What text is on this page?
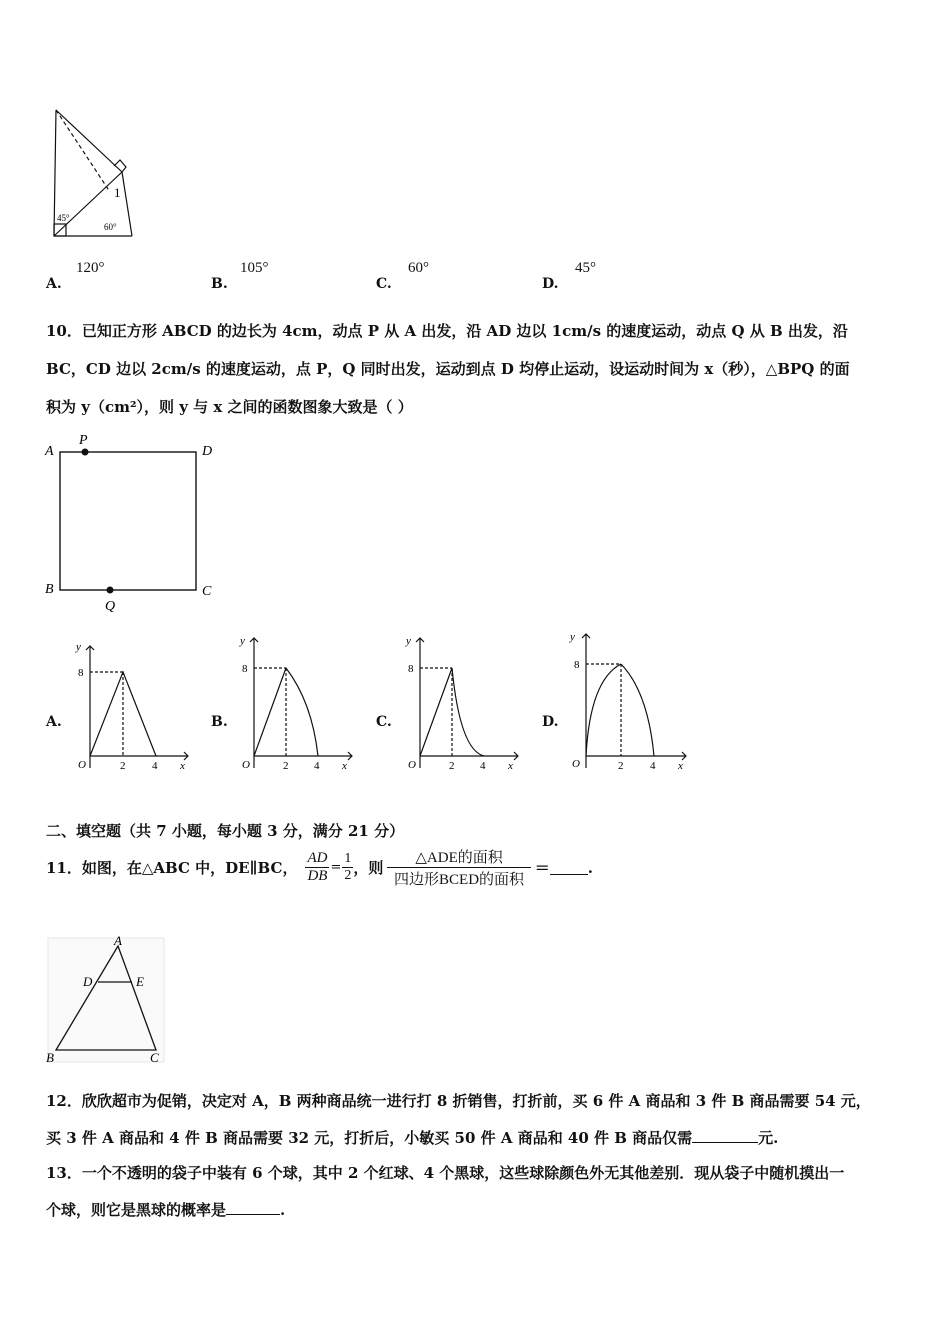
1
45°
60°
A.
120°
B.
105°
C.
60°
D.
45°
10．已知正方形 ABCD 的边长为 4cm，动点 P 从 A 出发，沿 AD 边以 1cm/s 的速度运动，动点 Q 从 B 出发，沿
BC，CD 边以 2cm/s 的速度运动，点 P，Q 同时出发，运动到点 D 均停止运动，设运动时间为 x（秒），△BPQ 的面
积为 y（cm²），则 y 与 x 之间的函数图象大致是（ ）
A
P
D
B	C
Q
A.	B.	C.	D.
y
8
O	2 4 x
y
8
O	2 4 x
y
8
O	2 4 x
y
8
O	2 4 x
二、填空题（共 7 小题，每小题 3 分，满分 21 分）
11．如图，在△ABC 中，DE∥BC， $\frac{AD}{DB} = \frac{1}{2}$ ，则 $\frac{\text{△ADE的面积}}{\text{四边形BCED的面积}}$ ＝	.
A
D	E
B	C
12．欣欣超市为促销，决定对 A，B 两种商品统一进行打 8 折销售，打折前，买 6 件 A 商品和 3 件 B 商品需要 54 元，
买 3 件 A 商品和 4 件 B 商品需要 32 元，打折后，小敏买 50 件 A 商品和 40 件 B 商品仅需	元.
13．一个不透明的袋子中装有 6 个球，其中 2 个红球、4 个黑球，这些球除颜色外无其他差别．现从袋子中随机摸出一
个球，则它是黑球的概率是	.
